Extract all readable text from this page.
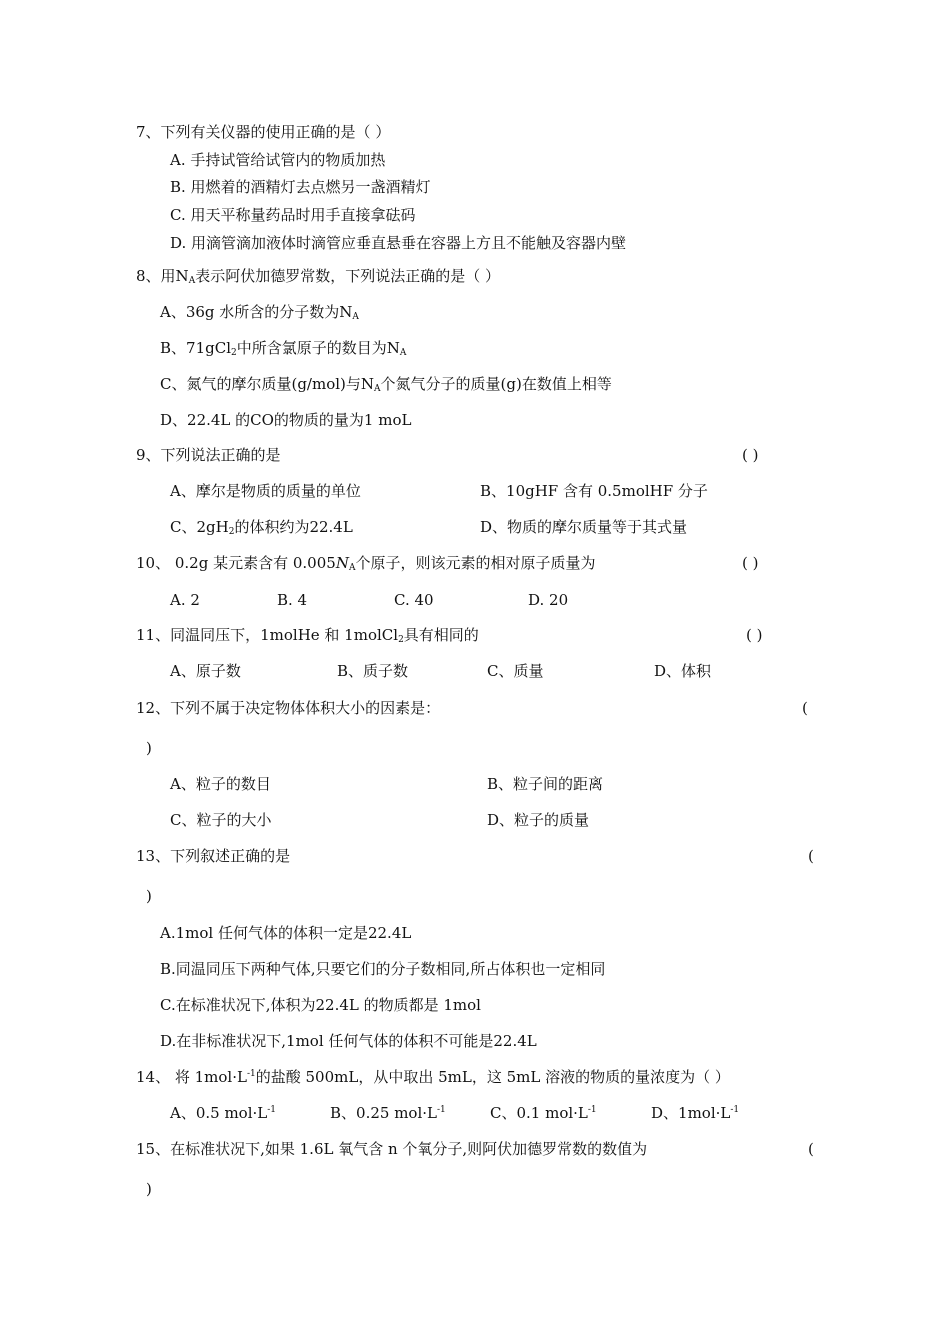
7、下列有关仪器的使用正确的是（ ）

A. 手持试管给试管内的物质加热

B. 用燃着的酒精灯去点燃另一盏酒精灯

C. 用天平称量药品时用手直接拿砝码

D. 用滴管滴加液体时滴管应垂直悬垂在容器上方且不能触及容器内壁

8、用$N_A$表示阿伏加德罗常数，下列说法正确的是（ ）

A、36g 水所含的分子数为$N_A$

B、71gCl$_2$中所含氯原子的数目为$N_A$

C、氮气的摩尔质量(g/mol)与$N_A$个氮气分子的质量(g)在数值上相等

D、22.4L 的CO的物质的量为1 moL

9、下列说法正确的是	( )

A、摩尔是物质的质量的单位	B、10gHF 含有 0.5molHF 分子

C、$2gH_2$的体积约为22.4L	D、物质的摩尔质量等于其式量

10、 0.2g 某元素含有 $0.005N_A$个原子，则该元素的相对原子质量为	( )

A. 2	B. 4	C. 40	D. 20

11、同温同压下，1molHe 和 1molCl$_2$具有相同的	( )

A、原子数	B、质子数	C、质量	D、体积

12、下列不属于决定物体体积大小的因素是：	(

)

A、粒子的数目	B、粒子间的距离

C、粒子的大小	D、粒子的质量

13、下列叙述正确的是	(

)

A.1mol 任何气体的体积一定是22.4L

B.同温同压下两种气体,只要它们的分子数相同,所占体积也一定相同

C.在标准状况下,体积为22.4L 的物质都是 1mol

D.在非标准状况下,1mol 任何气体的体积不可能是22.4L

14、 将 $1mol\cdot L^{-1}$的盐酸 500mL，从中取出 5mL，这 5mL 溶液的物质的量浓度为（ ）

A、0.5 $mol\cdot L^{-1}$	B、0.25 $mol\cdot L^{-1}$	C、0.1 $mol\cdot L^{-1}$	D、$1mol\cdot L^{-1}$

15、在标准状况下,如果 1.6L 氧气含 n 个氧分子,则阿伏加德罗常数的数值为	(

)
